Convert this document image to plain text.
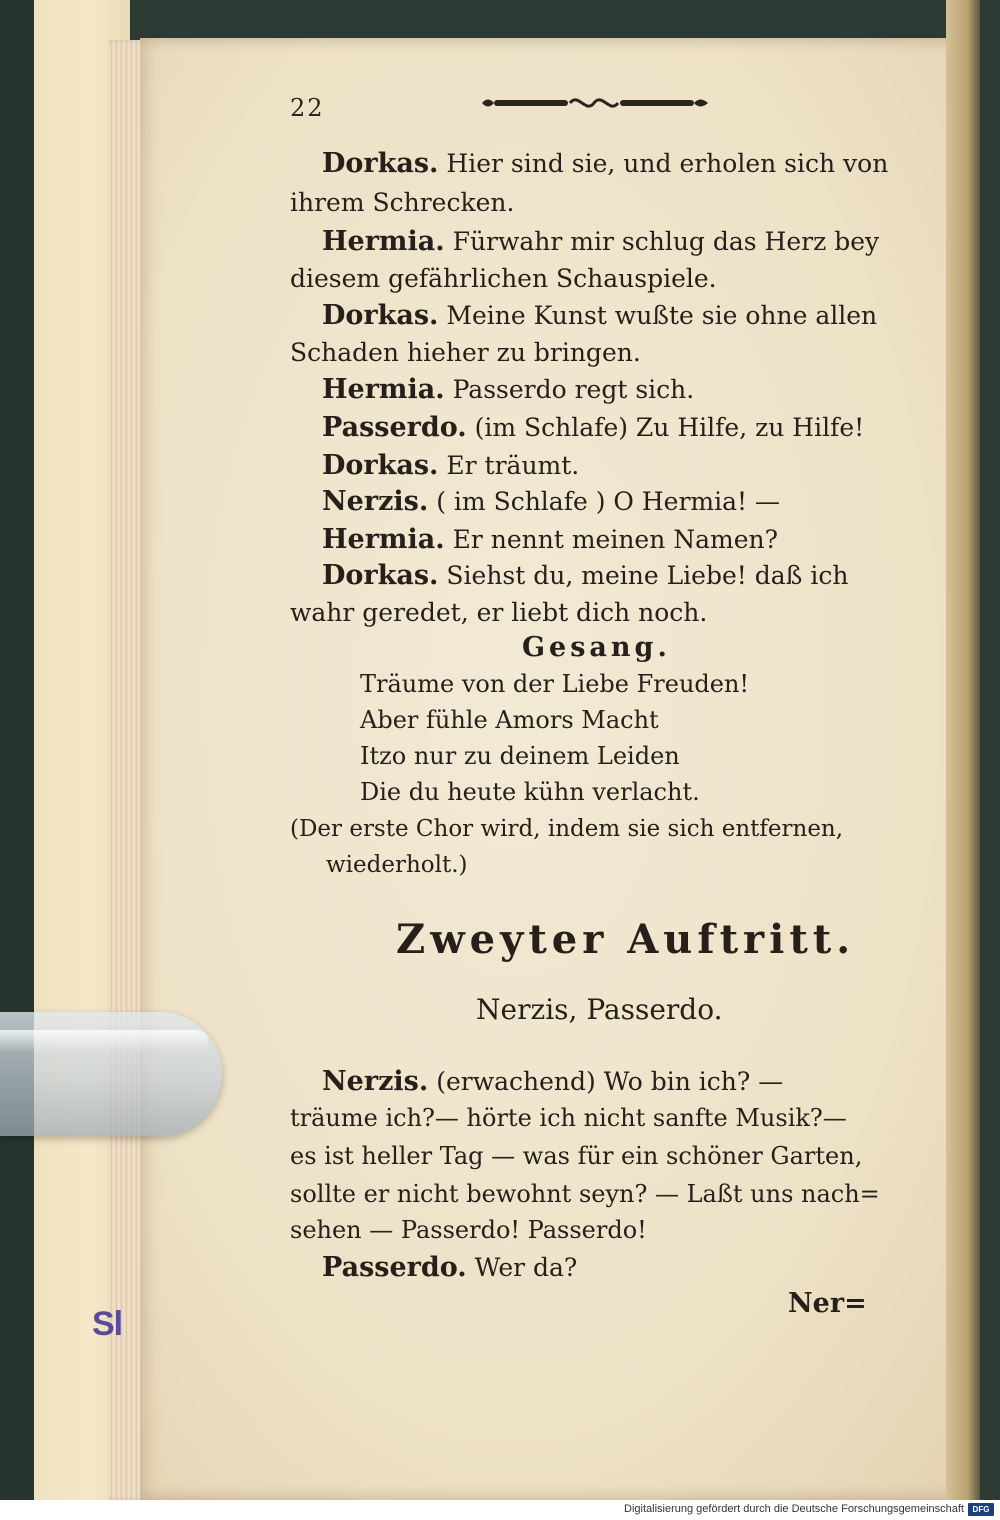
Sl
22
Dorkas. Hier sind sie, und erholen sich von
ihrem Schrecken.
Hermia. Fürwahr mir schlug das Herz bey
diesem gefährlichen Schauspiele.
Dorkas. Meine Kunst wußte sie ohne allen
Schaden hieher zu bringen.
Hermia. Passerdo regt sich.
Passerdo. (im Schlafe) Zu Hilfe, zu Hilfe!
Dorkas. Er träumt.
Nerzis. ( im Schlafe ) O Hermia! —
Hermia. Er nennt meinen Namen?
Dorkas. Siehst du, meine Liebe! daß ich
wahr geredet, er liebt dich noch.
Gesang.
Träume von der Liebe Freuden!
Aber fühle Amors Macht
Itzo nur zu deinem Leiden
Die du heute kühn verlacht.
(Der erste Chor wird, indem sie sich entfernen,
wiederholt.)
Zweyter Auftritt.
Nerzis, Passerdo.
Nerzis. (erwachend) Wo bin ich? —
träume ich?— hörte ich nicht sanfte Musik?—
es ist heller Tag — was für ein schöner Garten,
sollte er nicht bewohnt seyn? — Laßt uns nach=
sehen — Passerdo! Passerdo!
Passerdo. Wer da?
Ner=
Digitalisierung gefördert durch die Deutsche Forschungsgemeinschaft	DFG
